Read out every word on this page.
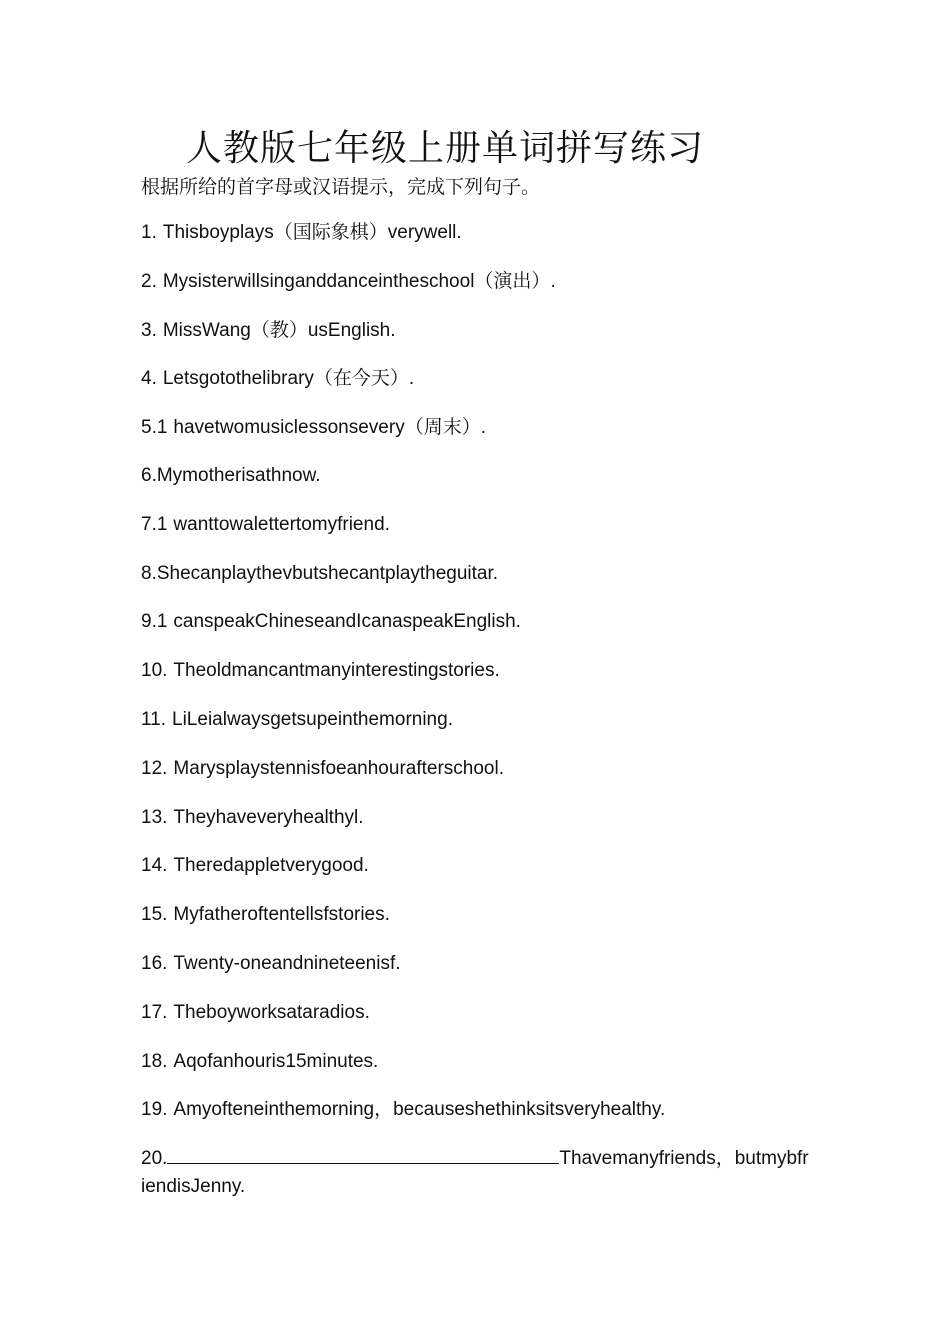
人教版七年级上册单词拼写练习
根据所给的首字母或汉语提示，完成下列句子。
1. Thisboyplays（国际象棋）verywell.
2. Mysisterwillsinganddanceintheschool（演出）.
3. MissWang（教）usEnglish.
4. Letsgotothelibrary（在今天）.
5.1 havetwomusiclessonsevery（周末）.
6.Mymotherisathnow.
7.1 wanttowalettertomyfriend.
8.Shecanplaythevbutshecantplaytheguitar.
9.1 canspeakChineseandIcanaspeakEnglish.
10. Theoldmancantmanyinterestingstories.
11. LiLeialwaysgetsupeinthemorning.
12. Marysplaystennisfoeanhourafterschool.
13. Theyhaveveryhealthyl.
14. Theredappletverygood.
15. Myfatheroftentellsfstories.
16. Twenty-oneandnineteenisf.
17. Theboyworksataradios.
18. Aqofanhouris15minutes.
19. Amyofteneinthemorning，becauseshethinksitsveryhealthy.
20.	Thavemanyfriends，butmybfriendisJenny.
